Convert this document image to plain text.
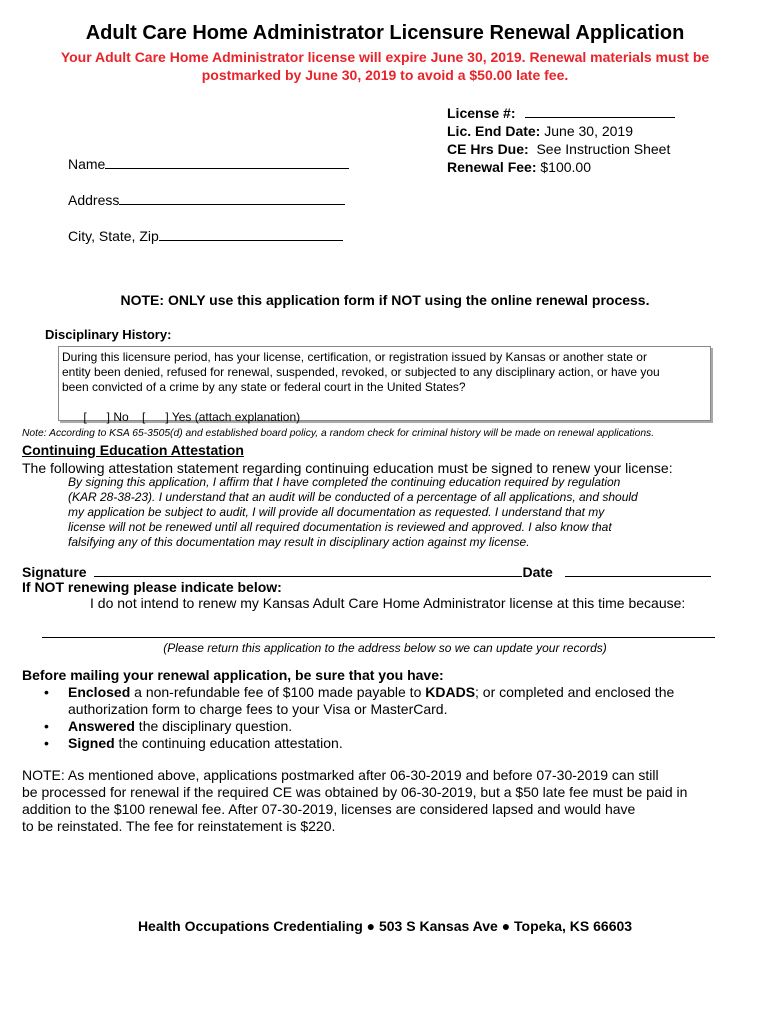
Adult Care Home Administrator Licensure Renewal Application
Your Adult Care Home Administrator license will expire June 30, 2019. Renewal materials must be
postmarked by June 30, 2019 to avoid a $50.00 late fee.
License #:
Lic. End Date: June 30, 2019
CE Hrs Due: See Instruction Sheet
Renewal Fee: $100.00
Name
Address
City, State, Zip
NOTE: ONLY use this application form if NOT using the online renewal process.
Disciplinary History:
During this licensure period, has your license, certification, or registration issued by Kansas or another state or
entity been denied, refused for renewal, suspended, revoked, or subjected to any disciplinary action, or have you
been convicted of a crime by any state or federal court in the United States?

[      ] No [      ] Yes (attach explanation)

Note: According to KSA 65-3505(d) and established board policy, a random check for criminal history will be made on renewal applications.
Continuing Education Attestation
The following attestation statement regarding continuing education must be signed to renew your license:
By signing this application, I affirm that I have completed the continuing education required by regulation
(KAR 28-38-23). I understand that an audit will be conducted of a percentage of all applications, and should
my application be subject to audit, I will provide all documentation as requested. I understand that my
license will not be renewed until all required documentation is reviewed and approved. I also know that
falsifying any of this documentation may result in disciplinary action against my license.
Signature	Date
If NOT renewing please indicate below:
I do not intend to renew my Kansas Adult Care Home Administrator license at this time because:
(Please return this application to the address below so we can update your records)
Before mailing your renewal application, be sure that you have:
• Enclosed a non-refundable fee of $100 made payable to KDADS; or completed and enclosed the
authorization form to charge fees to your Visa or MasterCard.
• Answered the disciplinary question.
• Signed the continuing education attestation.
NOTE: As mentioned above, applications postmarked after 06-30-2019 and before 07-30-2019 can still
be processed for renewal if the required CE was obtained by 06-30-2019, but a $50 late fee must be paid in
addition to the $100 renewal fee. After 07-30-2019, licenses are considered lapsed and would have
to be reinstated. The fee for reinstatement is $220.
Health Occupations Credentialing ● 503 S Kansas Ave ● Topeka, KS 66603
